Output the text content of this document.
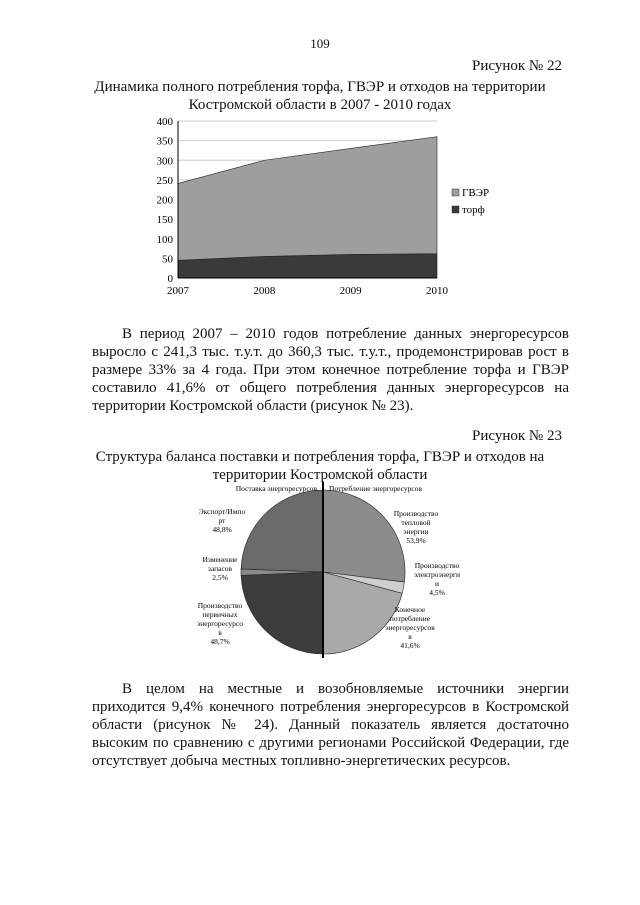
109
Рисунок № 22
Динамика полного потребления торфа, ГВЭР и отходов на территории
Костромской области в 2007 - 2010 годах
0
50
100
150
200
250
300
350
400
2007	2008	2009	2010
ГВЭР
торф
В период 2007 – 2010 годов потребление данных энергоресурсов выросло с 241,3 тыс. т.у.т. до 360,3 тыс. т.у.т., продемонстрировав рост в размере 33% за 4 года. При этом конечное потребление торфа и ГВЭР составило 41,6% от общего потребления данных энергоресурсов на территории Костромской области (рисунок № 23).
Рисунок № 23
Структура баланса поставки и потребления торфа, ГВЭР и отходов на
территории Костромской области
Поставка энергоресурсов Потребление энергоресурсов
Экспорт/Импо рт 48,8%
Изменение запасов 2,5%
Производство первичных энергоресурсо в 48,7%
Производство тепловой энергии 53,9%
Производство электроэнерги и 4,5%
Конечное потребление энергоресурсов в 41,6%
В целом на местные и возобновляемые источники энергии приходится 9,4% конечного потребления энергоресурсов в Костромской области (рисунок № 24). Данный показатель является достаточно высоким по сравнению с другими регионами Российской Федерации, где отсутствует добыча местных топливно-энергетических ресурсов.
